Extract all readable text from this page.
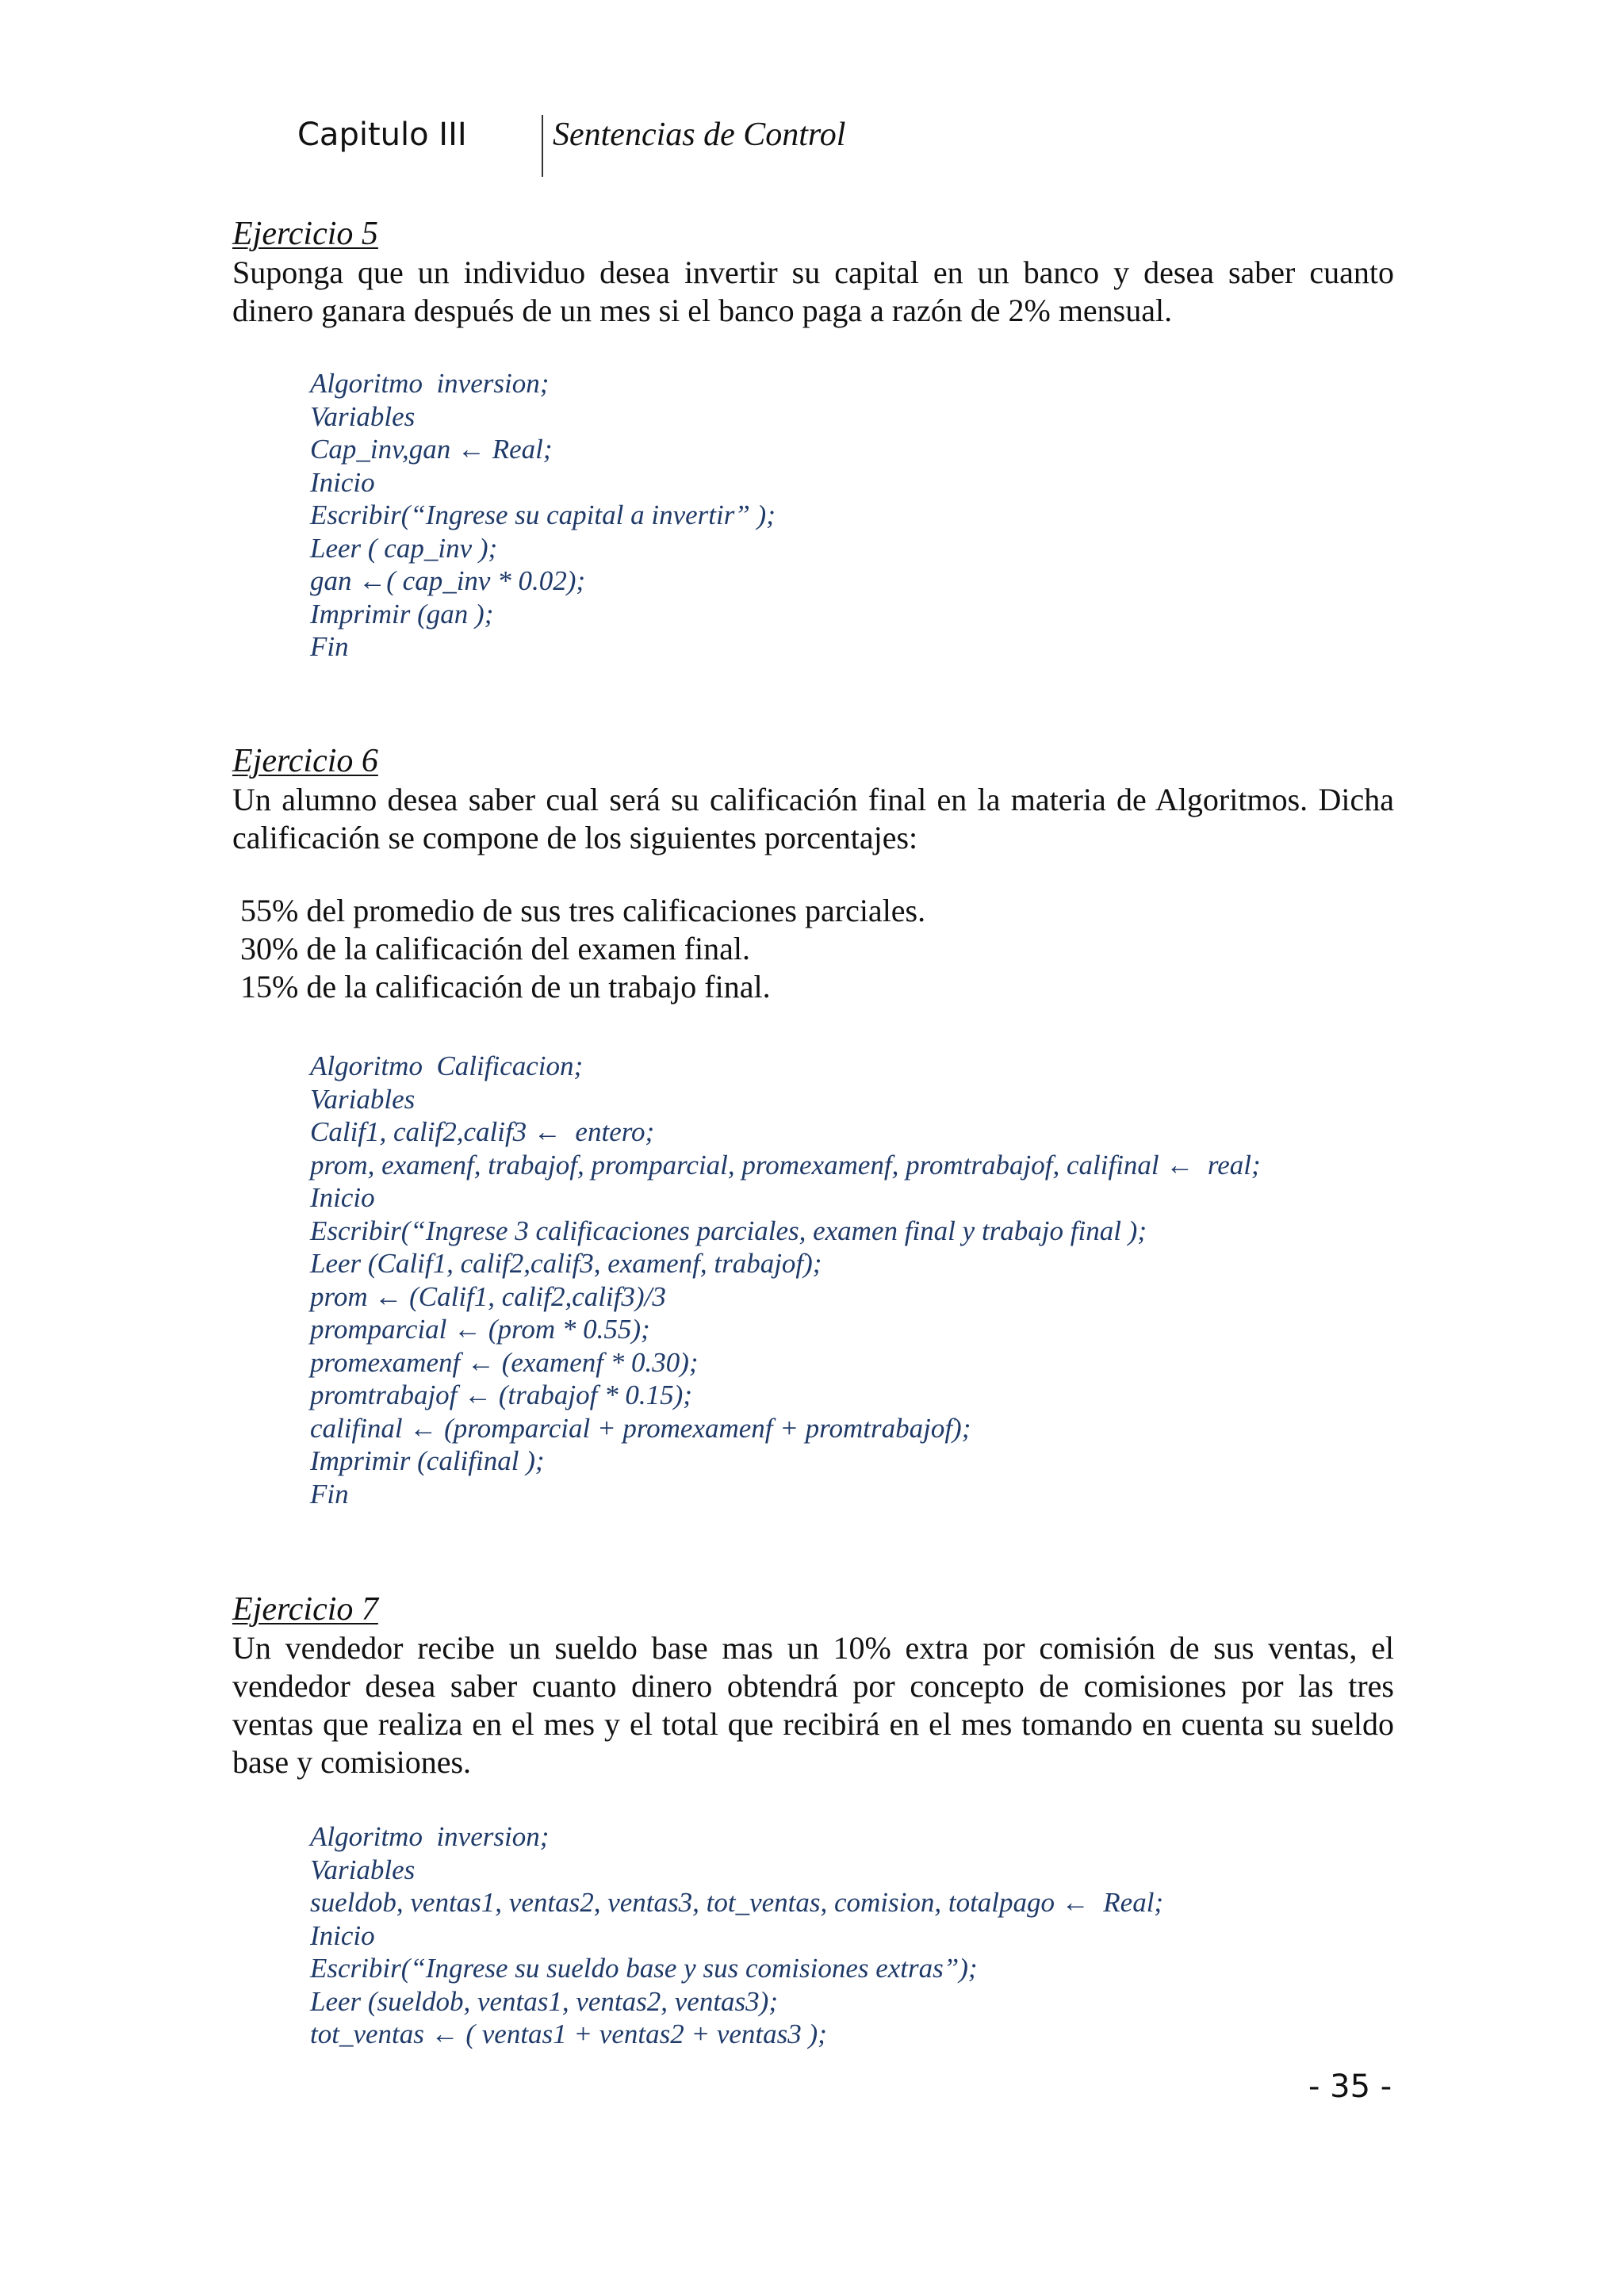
Capitulo III	Sentencias de Control
Ejercicio 5

Suponga que un individuo desea invertir su capital en un banco y desea saber cuanto dinero ganara después de un mes si el banco paga a razón de 2% mensual.

Algoritmo  inversion;
Variables
Cap_inv,gan ← Real;
Inicio
Escribir(“Ingrese su capital a invertir” );
Leer ( cap_inv );
gan ←( cap_inv * 0.02);
Imprimir (gan );
Fin
Ejercicio 6

Un alumno desea saber cual será su calificación final en la materia de Algoritmos. Dicha calificación se compone de los siguientes porcentajes:

55% del promedio de sus tres calificaciones parciales.
30% de la calificación del examen final.
15% de la calificación de un trabajo final.
Algoritmo  Calificacion;
Variables
Calif1, calif2,calif3 ←  entero;
prom, examenf, trabajof, promparcial, promexamenf, promtrabajof, califinal ←  real;
Inicio
Escribir(“Ingrese 3 calificaciones parciales, examen final y trabajo final );
Leer (Calif1, calif2,calif3, examenf, trabajof);
prom ← (Calif1, calif2,calif3)/3
promparcial ← (prom * 0.55);
promexamenf ← (examenf * 0.30);
promtrabajof ← (trabajof * 0.15);
califinal ← (promparcial + promexamenf + promtrabajof);
Imprimir (califinal );
Fin
Ejercicio 7

Un vendedor recibe un sueldo base mas un 10% extra por comisión de sus ventas, el vendedor desea saber cuanto dinero obtendrá por concepto de comisiones por las tres ventas que realiza en el mes y el total que recibirá en el mes tomando en cuenta su sueldo base y comisiones.

Algoritmo  inversion;
Variables
sueldob, ventas1, ventas2, ventas3, tot_ventas, comision, totalpago ←  Real;
Inicio
Escribir(“Ingrese su sueldo base y sus comisiones extras”);
Leer (sueldob, ventas1, ventas2, ventas3);
tot_ventas ← ( ventas1 + ventas2 + ventas3 );
- 35 -
